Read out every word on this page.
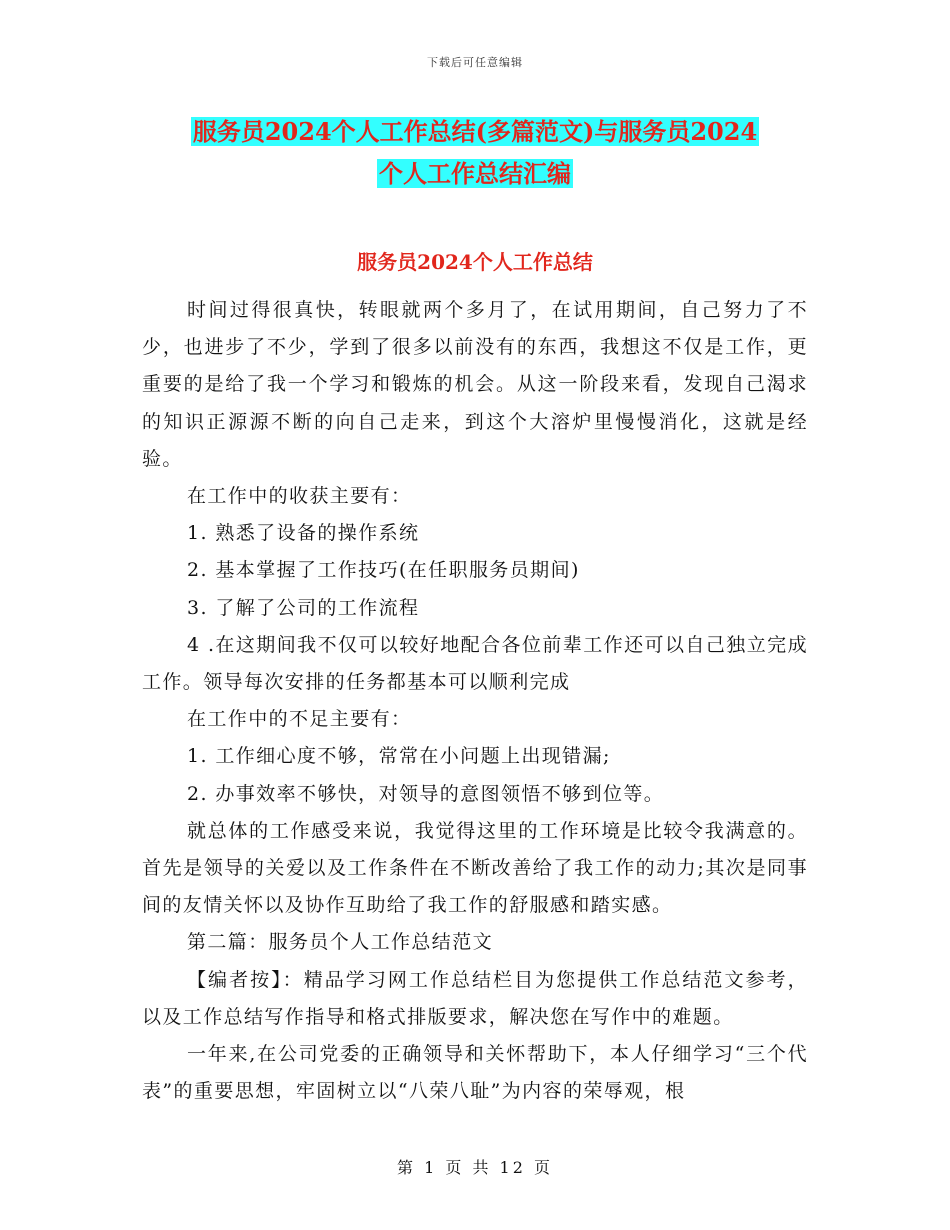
下载后可任意编辑
服务员2024个人工作总结(多篇范文)与服务员2024
个人工作总结汇编
服务员2024个人工作总结

时间过得很真快，转眼就两个多月了，在试用期间，自己努力了不少，也进步了不少，学到了很多以前没有的东西，我想这不仅是工作，更重要的是给了我一个学习和锻炼的机会。从这一阶段来看，发现自己渴求的知识正源源不断的向自己走来，到这个大溶炉里慢慢消化，这就是经验。

在工作中的收获主要有：

1. 熟悉了设备的操作系统

2. 基本掌握了工作技巧(在任职服务员期间)

3. 了解了公司的工作流程

4 .在这期间我不仅可以较好地配合各位前辈工作还可以自己独立完成工作。领导每次安排的任务都基本可以顺利完成

在工作中的不足主要有：

1. 工作细心度不够，常常在小问题上出现错漏;

2. 办事效率不够快，对领导的意图领悟不够到位等。

就总体的工作感受来说，我觉得这里的工作环境是比较令我满意的。首先是领导的关爱以及工作条件在不断改善给了我工作的动力;其次是同事间的友情关怀以及协作互助给了我工作的舒服感和踏实感。

第二篇：服务员个人工作总结范文

【编者按】：精品学习网工作总结栏目为您提供工作总结范文参考，以及工作总结写作指导和格式排版要求，解决您在写作中的难题。

一年来,在公司党委的正确领导和关怀帮助下，本人仔细学习“三个代表”的重要思想，牢固树立以“八荣八耻”为内容的荣辱观，根

第 1 页 共 12 页
